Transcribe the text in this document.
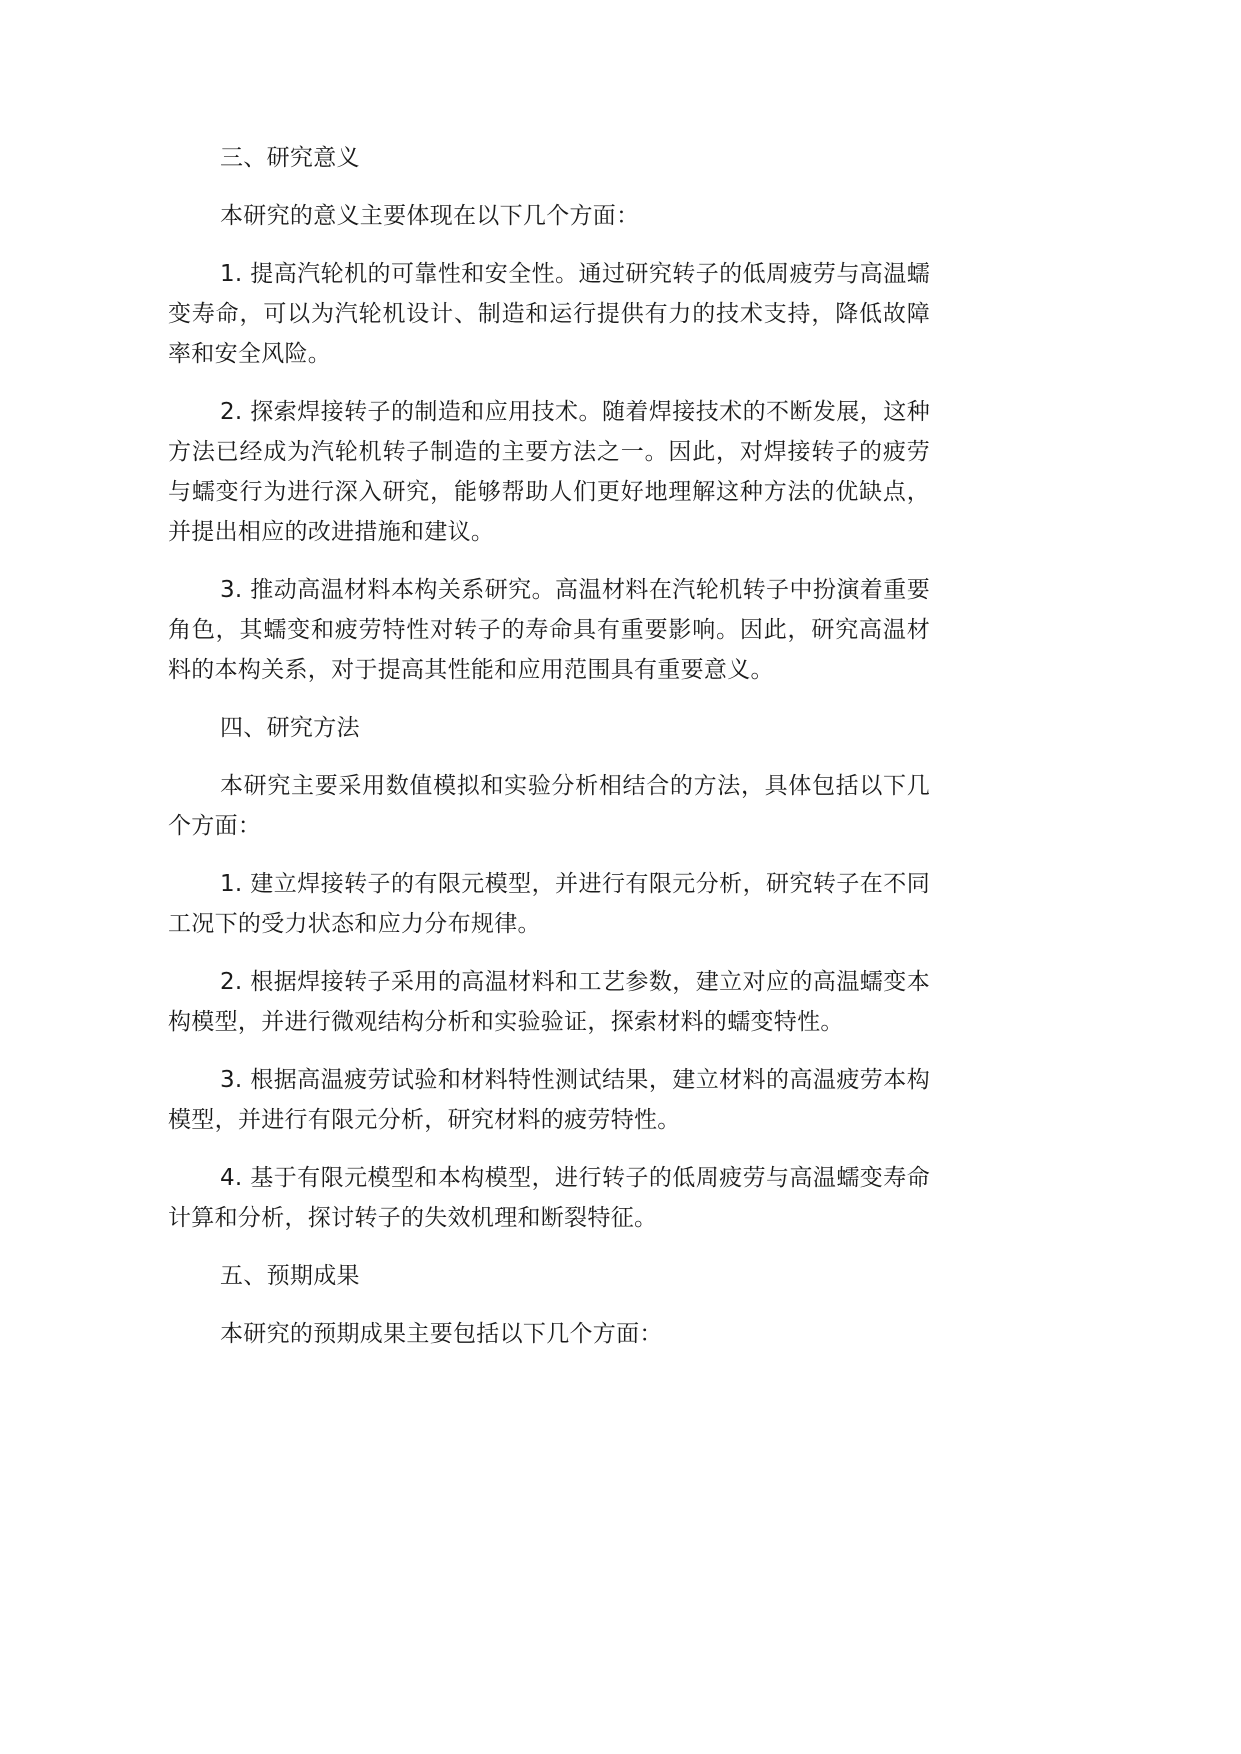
三、研究意义

本研究的意义主要体现在以下几个方面：

1. 提高汽轮机的可靠性和安全性。通过研究转子的低周疲劳与高温蠕变寿命，可以为汽轮机设计、制造和运行提供有力的技术支持，降低故障率和安全风险。

2. 探索焊接转子的制造和应用技术。随着焊接技术的不断发展，这种方法已经成为汽轮机转子制造的主要方法之一。因此，对焊接转子的疲劳与蠕变行为进行深入研究，能够帮助人们更好地理解这种方法的优缺点，并提出相应的改进措施和建议。

3. 推动高温材料本构关系研究。高温材料在汽轮机转子中扮演着重要角色，其蠕变和疲劳特性对转子的寿命具有重要影响。因此，研究高温材料的本构关系，对于提高其性能和应用范围具有重要意义。

四、研究方法

本研究主要采用数值模拟和实验分析相结合的方法，具体包括以下几个方面：

1. 建立焊接转子的有限元模型，并进行有限元分析，研究转子在不同工况下的受力状态和应力分布规律。

2. 根据焊接转子采用的高温材料和工艺参数，建立对应的高温蠕变本构模型，并进行微观结构分析和实验验证，探索材料的蠕变特性。

3. 根据高温疲劳试验和材料特性测试结果，建立材料的高温疲劳本构模型，并进行有限元分析，研究材料的疲劳特性。

4. 基于有限元模型和本构模型，进行转子的低周疲劳与高温蠕变寿命计算和分析，探讨转子的失效机理和断裂特征。

五、预期成果

本研究的预期成果主要包括以下几个方面：
